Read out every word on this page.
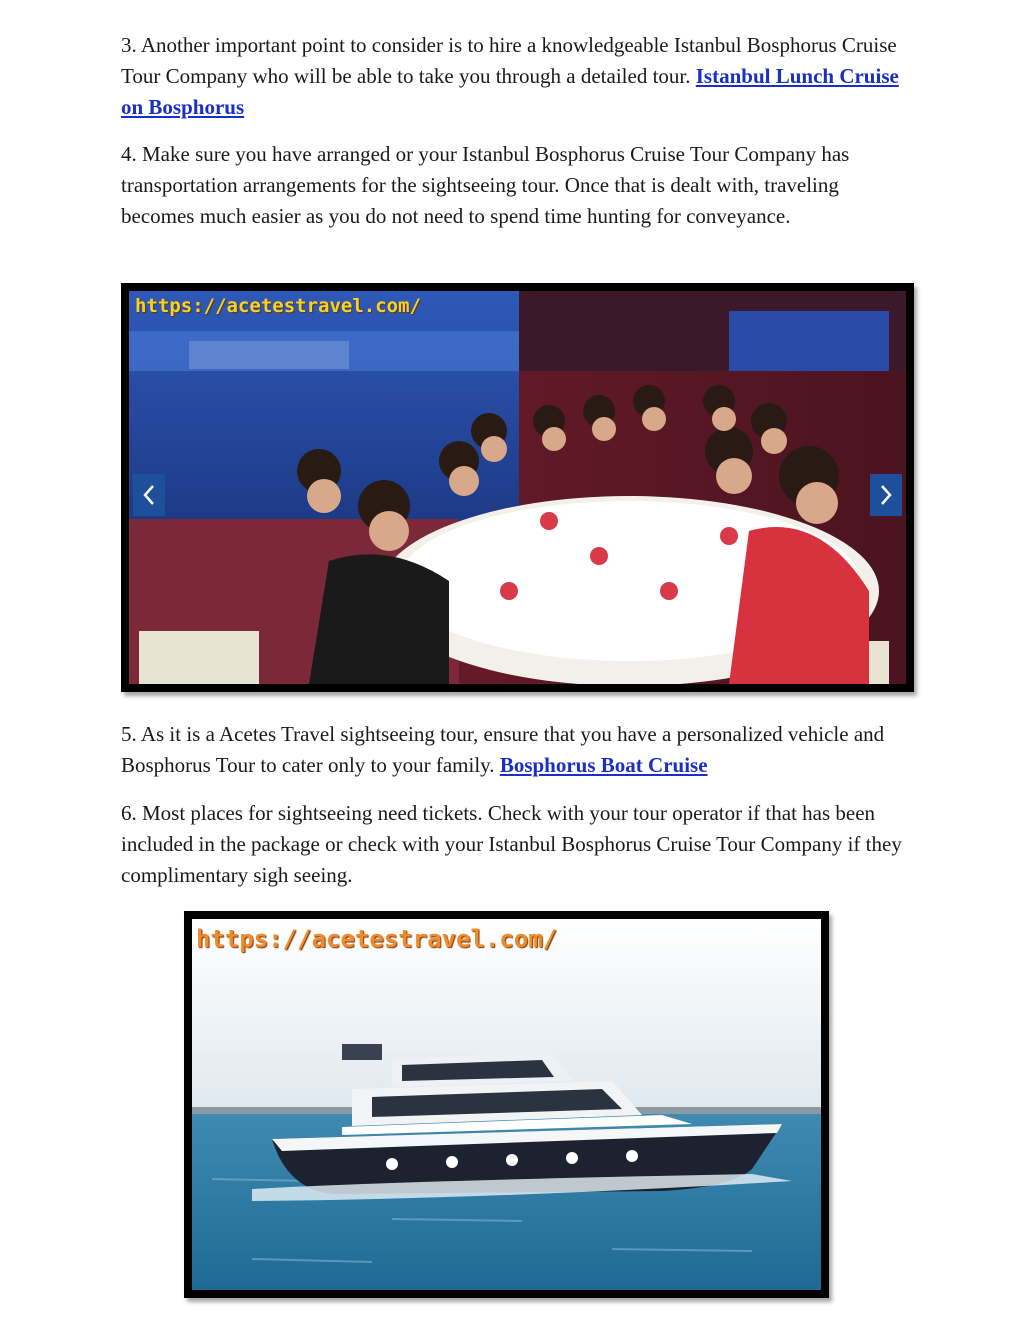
3. Another important point to consider is to hire a knowledgeable Istanbul Bosphorus Cruise Tour Company who will be able to take you through a detailed tour. Istanbul Lunch Cruise on Bosphorus

4. Make sure you have arranged or your Istanbul Bosphorus Cruise Tour Company has transportation arrangements for the sightseeing tour. Once that is dealt with, traveling becomes much easier as you do not need to spend time hunting for conveyance.

https://acetestravel.com/

5. As it is a Acetes Travel sightseeing tour, ensure that you have a personalized vehicle and Bosphorus Tour to cater only to your family. Bosphorus Boat Cruise

6. Most places for sightseeing need tickets. Check with your tour operator if that has been included in the package or check with your Istanbul Bosphorus Cruise Tour Company if they complimentary sigh seeing.

https://acetestravel.com/
